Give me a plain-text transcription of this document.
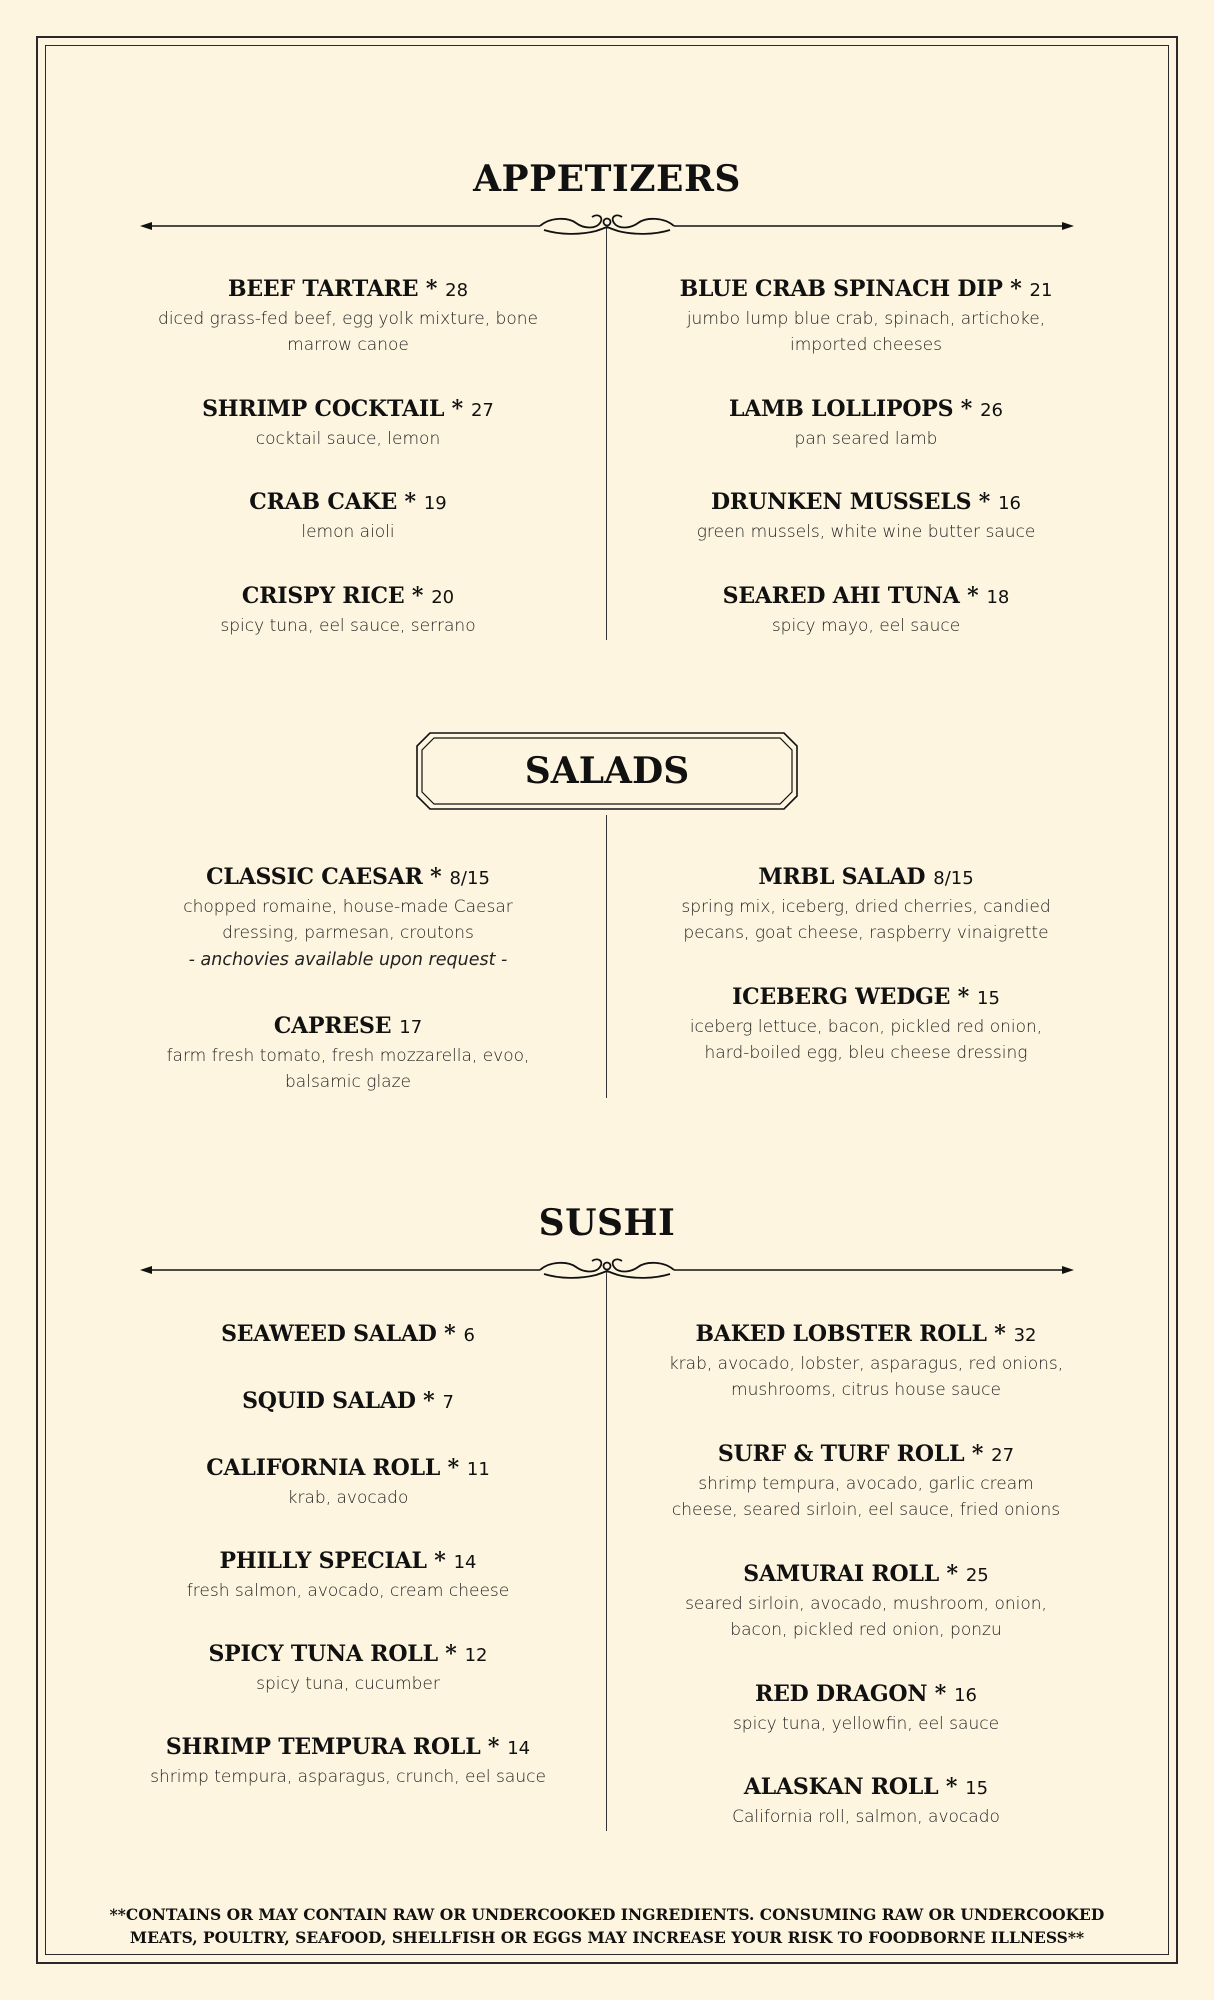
APPETIZERS
BEEF TARTARE * 28
diced grass-fed beef, egg yolk mixture, bone marrow canoe
SHRIMP COCKTAIL * 27
cocktail sauce, lemon
CRAB CAKE * 19
lemon aioli
CRISPY RICE * 20
spicy tuna, eel sauce, serrano
BLUE CRAB SPINACH DIP * 21
jumbo lump blue crab, spinach, artichoke, imported cheeses
LAMB LOLLIPOPS * 26
pan seared lamb
DRUNKEN MUSSELS * 16
green mussels, white wine butter sauce
SEARED AHI TUNA * 18
spicy mayo, eel sauce
SALADS
CLASSIC CAESAR * 8/15
chopped romaine, house-made Caesar dressing, parmesan, croutons
- anchovies available upon request -
CAPRESE 17
farm fresh tomato, fresh mozzarella, evoo, balsamic glaze
MRBL SALAD 8/15
spring mix, iceberg, dried cherries, candied pecans, goat cheese, raspberry vinaigrette
ICEBERG WEDGE * 15
iceberg lettuce, bacon, pickled red onion, hard-boiled egg, bleu cheese dressing
SUSHI
SEAWEED SALAD * 6
SQUID SALAD * 7
CALIFORNIA ROLL * 11
krab, avocado
PHILLY SPECIAL * 14
fresh salmon, avocado, cream cheese
SPICY TUNA ROLL * 12
spicy tuna, cucumber
SHRIMP TEMPURA ROLL * 14
shrimp tempura, asparagus, crunch, eel sauce
BAKED LOBSTER ROLL * 32
krab, avocado, lobster, asparagus, red onions, mushrooms, citrus house sauce
SURF & TURF ROLL * 27
shrimp tempura, avocado, garlic cream cheese, seared sirloin, eel sauce, fried onions
SAMURAI ROLL * 25
seared sirloin, avocado, mushroom, onion, bacon, pickled red onion, ponzu
RED DRAGON * 16
spicy tuna, yellowfin, eel sauce
ALASKAN ROLL * 15
California roll, salmon, avocado
**CONTAINS OR MAY CONTAIN RAW OR UNDERCOOKED INGREDIENTS. CONSUMING RAW OR UNDERCOOKED
MEATS, POULTRY, SEAFOOD, SHELLFISH OR EGGS MAY INCREASE YOUR RISK TO FOODBORNE ILLNESS**
